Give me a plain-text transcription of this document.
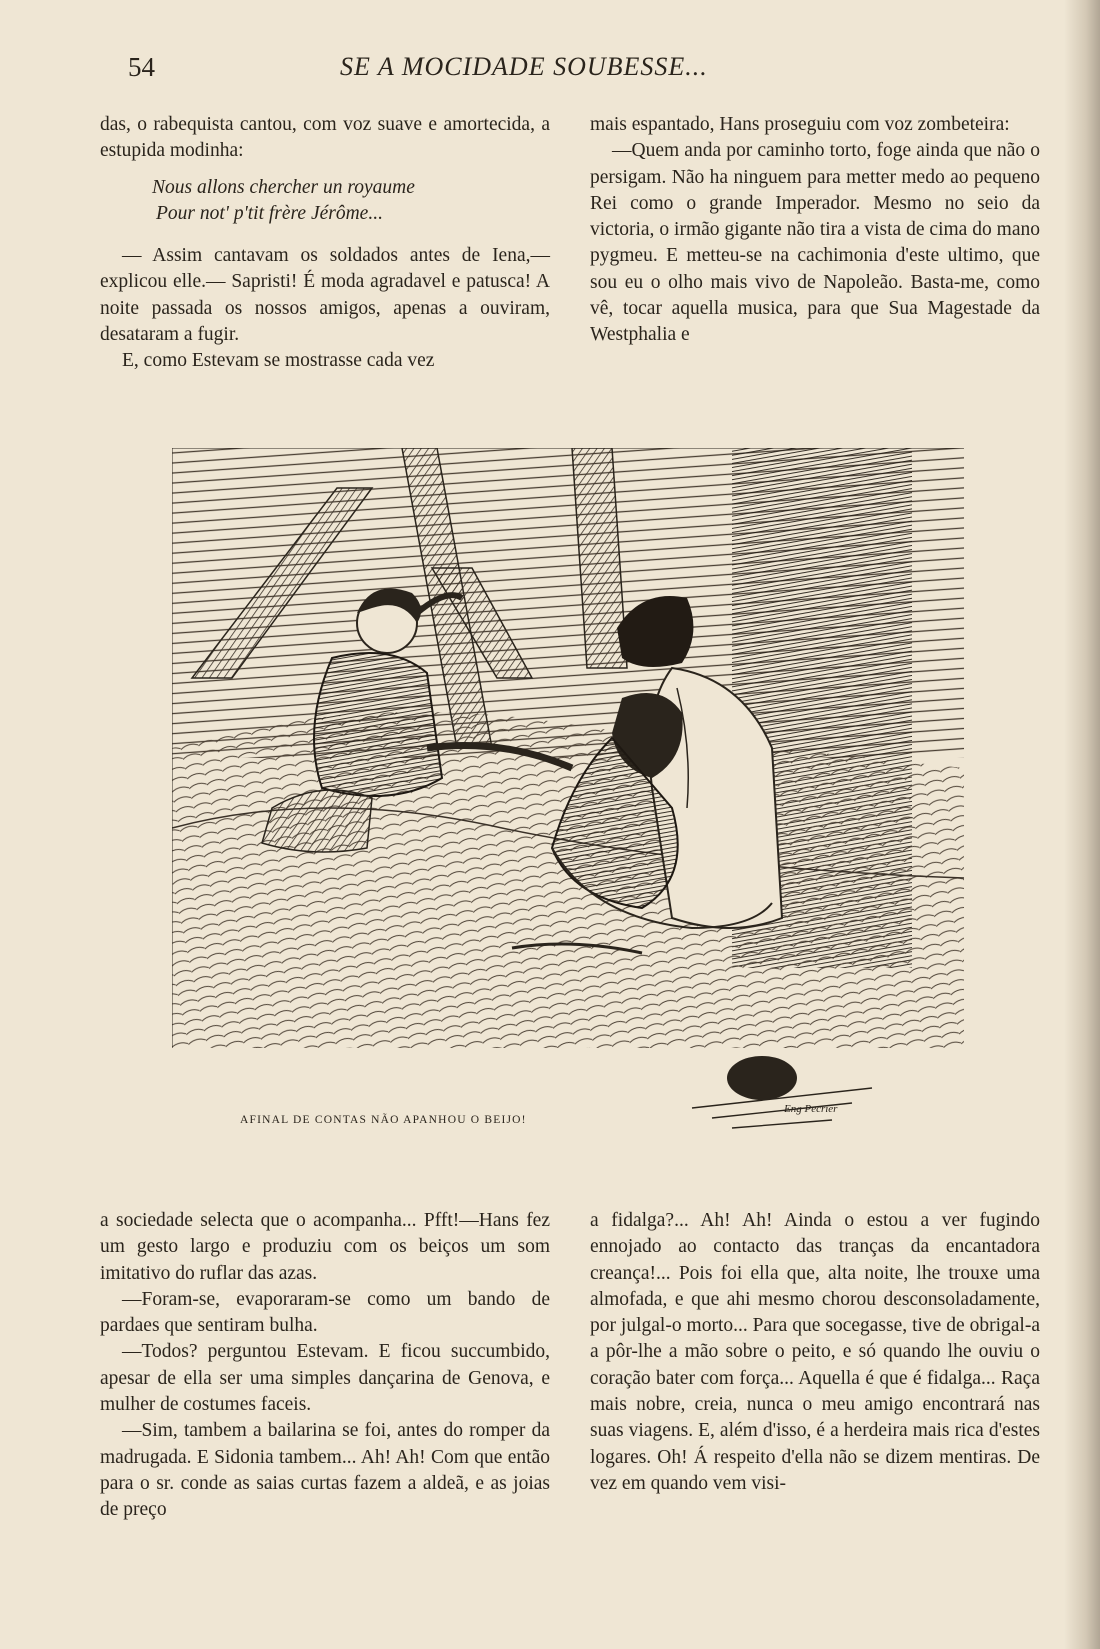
54	SE A MOCIDADE SOUBESSE...

das, o rabequista cantou, com voz suave e amortecida, a estupida modinha:

Nous allons chercher un royaume
Pour not' p'tit frère Jérôme...

— Assim cantavam os soldados antes de Iena,— explicou elle.— Sapristi! É moda agradavel e patusca! A noite passada os nossos amigos, apenas a ouviram, desataram a fugir.

E, como Estevam se mostrasse cada vez

mais espantado, Hans proseguiu com voz zombeteira:

—Quem anda por caminho torto, foge ainda que não o persigam. Não ha ninguem para metter medo ao pequeno Rei como o grande Imperador. Mesmo no seio da victoria, o irmão gigante não tira a vista de cima do mano pygmeu. E metteu-se na cachimonia d'este ultimo, que sou eu o olho mais vivo de Napoleão. Basta-me, como vê, tocar aquella musica, para que Sua Magestade da Westphalia e

Eng Pecrier
AFINAL DE CONTAS NÃO APANHOU O BEIJO!

a sociedade selecta que o acompanha... Pfft!—Hans fez um gesto largo e produziu com os beiços um som imitativo do ruflar das azas.

—Foram-se, evaporaram-se como um bando de pardaes que sentiram bulha.

—Todos? perguntou Estevam. E ficou succumbido, apesar de ella ser uma simples dançarina de Genova, e mulher de costumes faceis.

—Sim, tambem a bailarina se foi, antes do romper da madrugada. E Sidonia tambem... Ah! Ah! Com que então para o sr. conde as saias curtas fazem a aldeã, e as joias de preço

a fidalga?... Ah! Ah! Ainda o estou a ver fugindo ennojado ao contacto das tranças da encantadora creança!... Pois foi ella que, alta noite, lhe trouxe uma almofada, e que ahi mesmo chorou desconsoladamente, por julgal-o morto... Para que socegasse, tive de obrigal-a a pôr-lhe a mão sobre o peito, e só quando lhe ouviu o coração bater com força... Aquella é que é fidalga... Raça mais nobre, creia, nunca o meu amigo encontrará nas suas viagens. E, além d'isso, é a herdeira mais rica d'estes logares. Oh! Á respeito d'ella não se dizem mentiras. De vez em quando vem visi-
